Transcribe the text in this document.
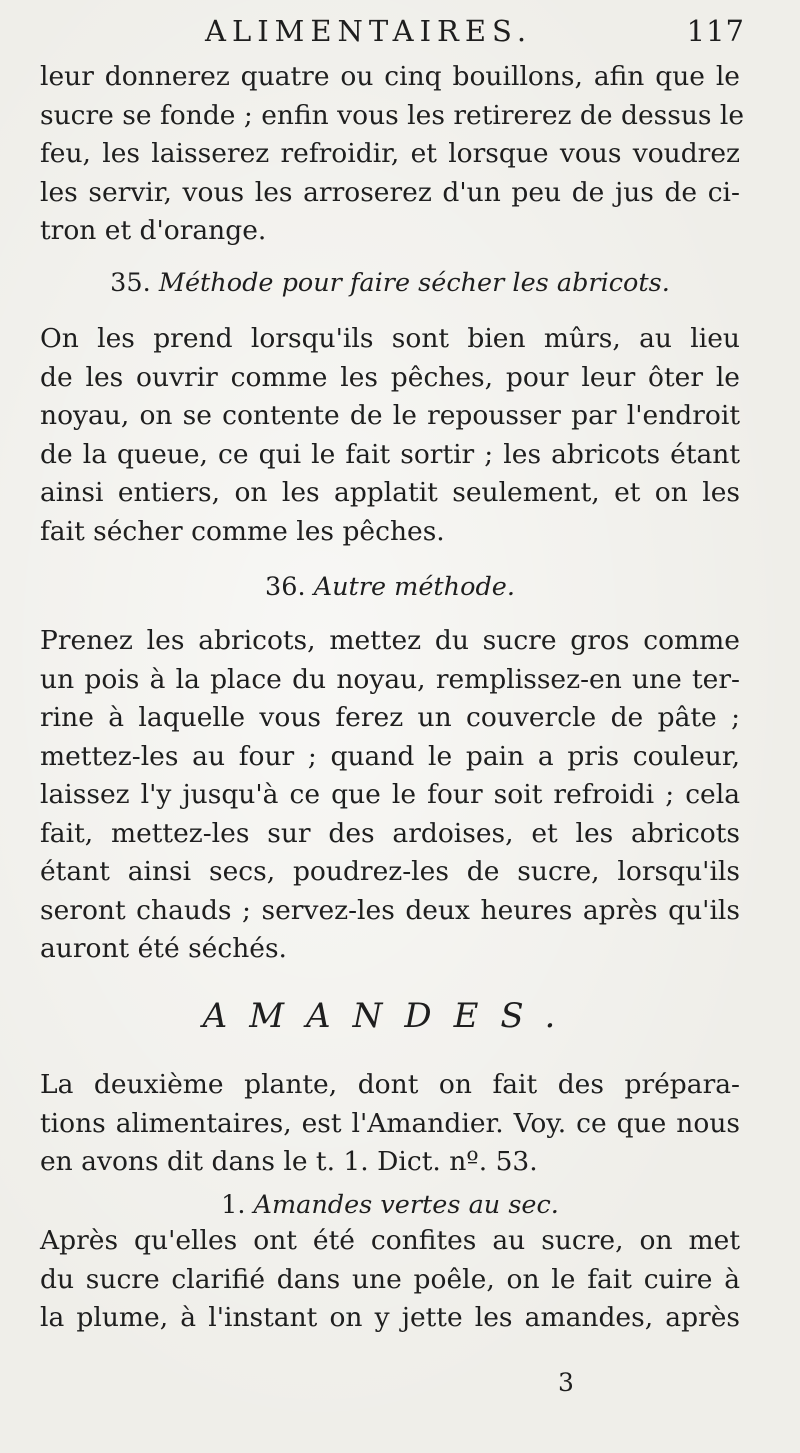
ALIMENTAIRES.	117
leur donnerez quatre ou cinq bouillons, afin que le
sucre se fonde ; enfin vous les retirerez de dessus le
feu, les laisserez refroidir, et lorsque vous voudrez
les servir, vous les arroserez d'un peu de jus de ci-
tron et d'orange.
35. Méthode pour faire sécher les abricots.
On les prend lorsqu'ils sont bien mûrs, au lieu
de les ouvrir comme les pêches, pour leur ôter le
noyau, on se contente de le repousser par l'endroit
de la queue, ce qui le fait sortir ; les abricots étant
ainsi entiers, on les applatit seulement, et on les
fait sécher comme les pêches.
36. Autre méthode.
Prenez les abricots, mettez du sucre gros comme
un pois à la place du noyau, remplissez-en une ter-
rine à laquelle vous ferez un couvercle de pâte ;
mettez-les au four ; quand le pain a pris couleur,
laissez l'y jusqu'à ce que le four soit refroidi ; cela
fait, mettez-les sur des ardoises, et les abricots
étant ainsi secs, poudrez-les de sucre, lorsqu'ils
seront chauds ; servez-les deux heures après qu'ils
auront été séchés.
AMANDES.
La deuxième plante, dont on fait des prépara-
tions alimentaires, est l'Amandier. Voy. ce que nous
en avons dit dans le t. 1. Dict. nº. 53.
1. Amandes vertes au sec.
Après qu'elles ont été confites au sucre, on met
du sucre clarifié dans une poêle, on le fait cuire à
la plume, à l'instant on y jette les amandes, après
3
